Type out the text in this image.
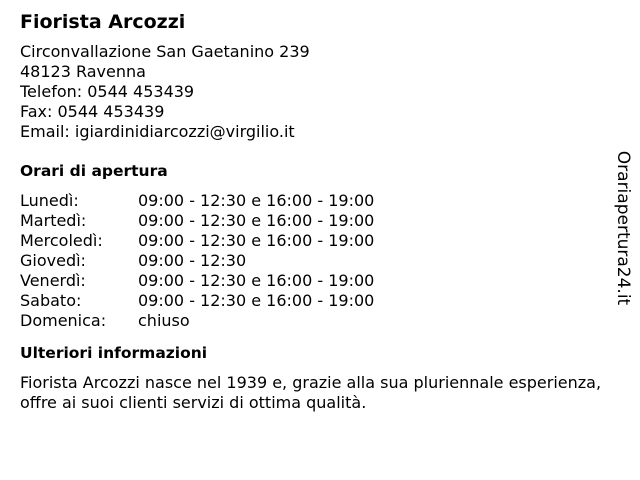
Fiorista Arcozzi
Circonvallazione San Gaetanino 239
48123 Ravenna
Telefon: 0544 453439
Fax: 0544 453439
Email: igiardinidiarcozzi@virgilio.it
Orari di apertura
Lunedì:	09:00 - 12:30 e 16:00 - 19:00
Martedì:	09:00 - 12:30 e 16:00 - 19:00
Mercoledì:	09:00 - 12:30 e 16:00 - 19:00
Giovedì:	09:00 - 12:30
Venerdì:	09:00 - 12:30 e 16:00 - 19:00
Sabato:	09:00 - 12:30 e 16:00 - 19:00
Domenica:	chiuso
Ulteriori informazioni
Fiorista Arcozzi nasce nel 1939 e, grazie alla sua pluriennale esperienza, offre ai suoi clienti servizi di ottima qualità.
Orariapertura24.it
